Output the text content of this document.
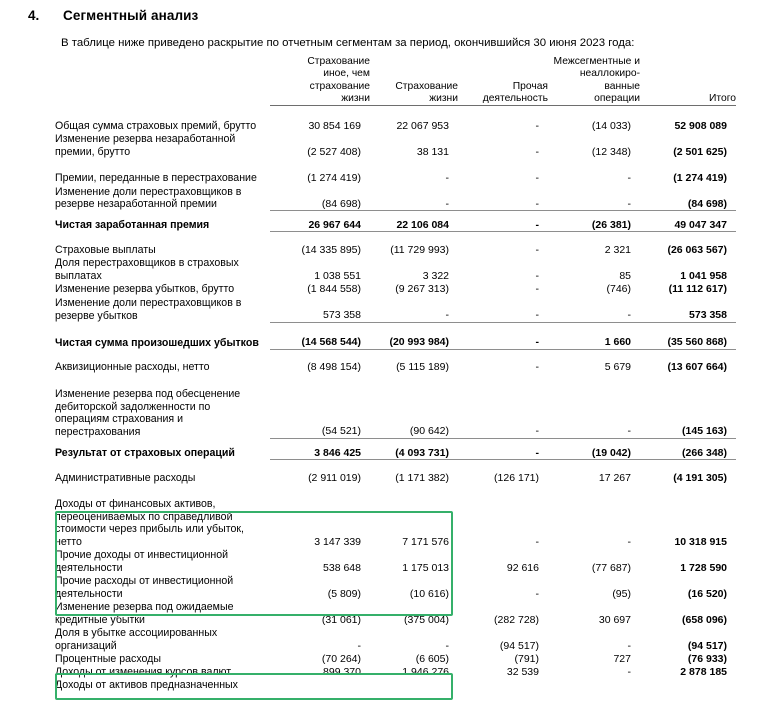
4. Сегментный анализ
В таблице ниже приведено раскрытие по отчетным сегментам за период, окончившийся 30 июня 2023 года:
	Страхование
иное, чем
страхование
жизни	Страхование
жизни	Прочая
деятельность	Межсегментные и
неаллокиро-
ванные
операции	Итого
Общая сумма страховых премий, брутто	30 854 169	22 067 953	-	(14 033)	52 908 089
Изменение резерва незаработанной премии, брутто	(2 527 408)	38 131	-	(12 348)	(2 501 625)
Премии, переданные в перестрахование	(1 274 419)	-	-	-	(1 274 419)
Изменение доли перестраховщиков в резерве незаработанной премии	(84 698)	-	-	-	(84 698)

Чистая заработанная премия	26 967 644	22 106 084	-	(26 381)	49 047 347

Страховые выплаты	(14 335 895)	(11 729 993)	-	2 321	(26 063 567)
Доля перестраховщиков в страховых выплатах	1 038 551	3 322	-	85	1 041 958
Изменение резерва убытков, брутто	(1 844 558)	(9 267 313)	-	(746)	(11 112 617)
Изменение доли перестраховщиков в резерве убытков	573 358	-	-	-	573 358
Чистая сумма произошедших убытков	(14 568 544)	(20 993 984)	-	1 660	(35 560 868)

Аквизиционные расходы, нетто	(8 498 154)	(5 115 189)	-	5 679	(13 607 664)
Изменение резерва под обесценение дебиторской задолженности по операциям страхования и перестрахования	(54 521)	(90 642)	-	-	(145 163)

Результат от страховых операций	3 846 425	(4 093 731)	-	(19 042)	(266 348)

Административные расходы	(2 911 019)	(1 171 382)	(126 171)	17 267	(4 191 305)
Доходы от финансовых активов, переоцениваемых по справедливой стоимости через прибыль или убыток, нетто	3 147 339	7 171 576	-	-	10 318 915
Прочие доходы от инвестиционной деятельности	538 648	1 175 013	92 616	(77 687)	1 728 590
Прочие расходы от инвестиционной деятельности	(5 809)	(10 616)	-	(95)	(16 520)
Изменение резерва под ожидаемые кредитные убытки	(31 061)	(375 004)	(282 728)	30 697	(658 096)
Доля в убытке ассоциированных организаций	-	-	(94 517)	-	(94 517)
Процентные расходы	(70 264)	(6 605)	(791)	727	(76 933)
Доходы от изменения курсов валют	899 370	1 946 276	32 539	-	2 878 185
Доходы от активов предназначенных					
